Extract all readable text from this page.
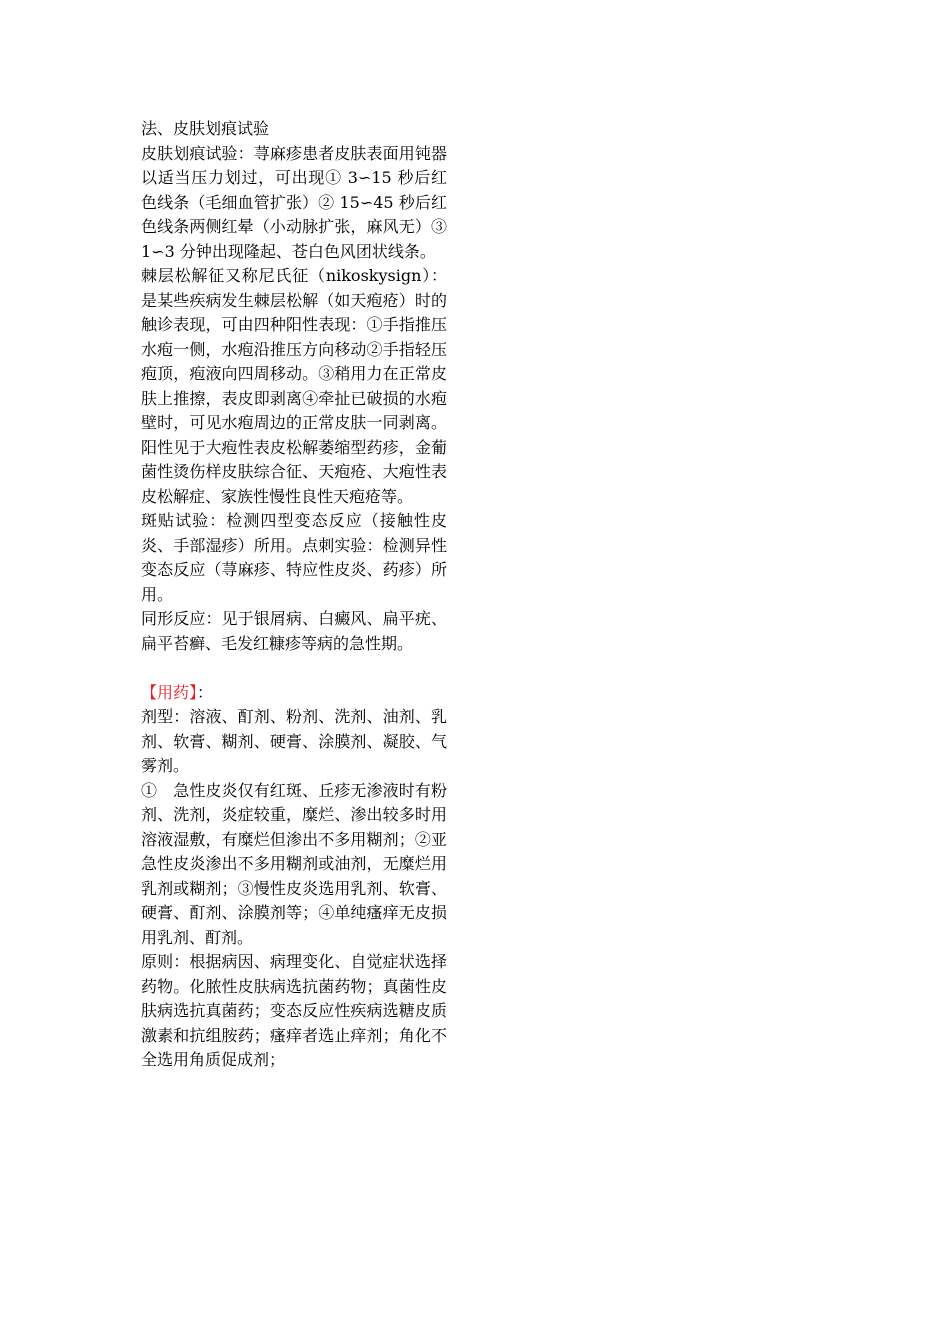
法、皮肤划痕试验

皮肤划痕试验：荨麻疹患者皮肤表面用钝器以适当压力划过，可出现① 3∽15 秒后红色线条（毛细血管扩张）② 15∽45 秒后红色线条两侧红晕（小动脉扩张，麻风无）③ 1∽3 分钟出现隆起、苍白色风团状线条。

棘层松解征又称尼氏征（nikoskysign）：是某些疾病发生棘层松解（如天疱疮）时的触诊表现，可由四种阳性表现：①手指推压水疱一侧，水疱沿推压方向移动②手指轻压疱顶，疱液向四周移动。③稍用力在正常皮肤上推擦，表皮即剥离④牵扯已破损的水疱壁时，可见水疱周边的正常皮肤一同剥离。阳性见于大疱性表皮松解萎缩型药疹，金葡菌性烫伤样皮肤综合征、天疱疮、大疱性表皮松解症、家族性慢性良性天疱疮等。

斑贴试验：检测四型变态反应（接触性皮炎、手部湿疹）所用。点刺实验：检测异性变态反应（荨麻疹、特应性皮炎、药疹）所用。

同形反应：见于银屑病、白癜风、扁平疣、扁平苔癣、毛发红糠疹等病的急性期。

【用药】：

剂型：溶液、酊剂、粉剂、洗剂、油剂、乳剂、软膏、糊剂、硬膏、涂膜剂、凝胶、气雾剂。

①　急性皮炎仅有红斑、丘疹无渗液时有粉剂、洗剂，炎症较重，糜烂、渗出较多时用溶液湿敷，有糜烂但渗出不多用糊剂；②亚急性皮炎渗出不多用糊剂或油剂，无糜烂用乳剂或糊剂；③慢性皮炎选用乳剂、软膏、硬膏、酊剂、涂膜剂等；④单纯瘙痒无皮损用乳剂、酊剂。

原则：根据病因、病理变化、自觉症状选择药物。化脓性皮肤病选抗菌药物；真菌性皮肤病选抗真菌药；变态反应性疾病选糖皮质激素和抗组胺药；瘙痒者选止痒剂；角化不全选用角质促成剂；
